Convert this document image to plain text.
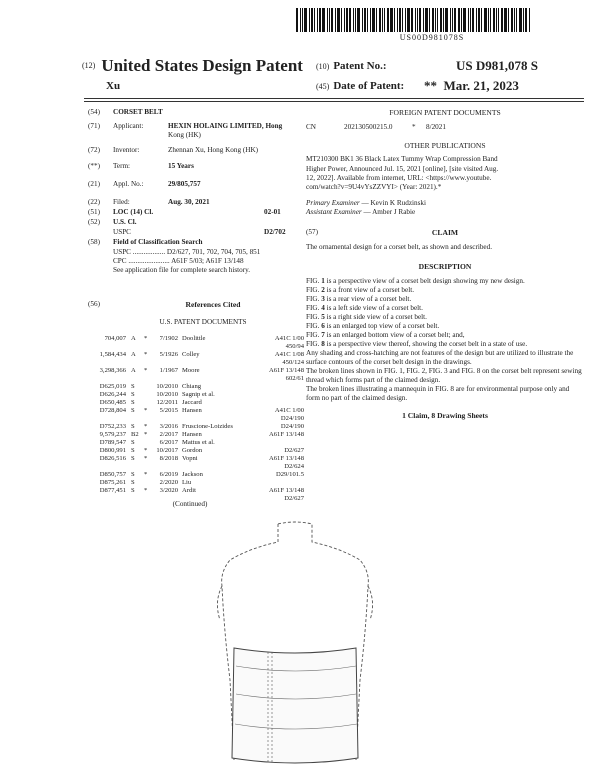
US00D981078S
$^{(12)}$ United States Design Patent
Xu
(10) Patent No.:	US D981,078 S
(45) Date of Patent: ** Mar. 21, 2023
(54) CORSET BELT
(71) Applicant:	HEXIN HOLAING LIMITED, Hong
Kong (HK)
(72) Inventor:	Zhennan Xu, Hong Kong (HK)
(**) Term:	15 Years
(21) Appl. No.:	29/805,757
(22) Filed:	Aug. 30, 2021
(51) LOC (14) Cl.	02-01
(52) U.S. Cl.
USPC	D2/702
(58) Field of Classification Search
USPC .................. D2/627, 701, 702, 704, 705, 851
CPC ....................... A61F 5/03; A61F 13/148
See application file for complete search history.
(56)	References Cited
U.S. PATENT DOCUMENTS
704,007 A	*	7/1902 Doolittle	A41C 1/00
450/94
1,584,434 A	*	5/1926 Colley	A41C 1/08
450/124
3,298,366 A	*	1/1967 Moore	A61F 13/148
602/61
D625,019 S	10/2010 Chiang
D626,244 S	10/2010 Sagnip et al.
D650,485 S	12/2011 Jaccard
D728,804 S	*	5/2015 Hansen	A41C 1/00
D24/190
D752,233 S	*	3/2016 Fruscione-Loizides	D24/190
9,579,237 B2 *	2/2017 Hansen	A61F 13/148
D789,547 S	6/2017 Mattus et al.
D800,991 S	*	10/2017 Gordon	D2/627
D826,516 S	*	8/2018 Vopni	A61F 13/148
D2/624
D850,757 S	*	6/2019 Jackson	D29/101.5
D875,261 S	2/2020 Liu
D877,451 S	*	3/2020 Ardit	A61F 13/148
D2/627
(Continued)
FOREIGN PATENT DOCUMENTS
CN	202130500215.0	* 8/2021
OTHER PUBLICATIONS
MT210300 BK1 36 Black Latex Tummy Wrap Compression Band
Higher Power, Announced Jul. 15, 2021 [online], [site visited Aug.
12, 2022]. Available from internet, URL: <https://www.youtube.
com/watch?v=9U4vYsZZVYI> (Year: 2021).*
Primary Examiner — Kevin K Rudzinski
Assistant Examiner — Amber J Rabie
(57)	CLAIM
The ornamental design for a corset belt, as shown and described.
DESCRIPTION
FIG. 1 is a perspective view of a corset belt design showing my new design.
FIG. 2 is a front view of a corset belt.
FIG. 3 is a rear view of a corset belt.
FIG. 4 is a left side view of a corset belt.
FIG. 5 is a right side view of a corset belt.
FIG. 6 is an enlarged top view of a corset belt.
FIG. 7 is an enlarged bottom view of a corset belt; and,
FIG. 8 is a perspective view thereof, showing the corset belt in a state of use.
Any shading and cross-hatching are not features of the design but are utilized to illustrate the surface contours of the corset belt design in the drawings.
The broken lines shown in FIG. 1, FIG. 2, FIG. 3 and FIG. 8 on the corset belt represent sewing thread which forms part of the claimed design.
The broken lines illustrating a mannequin in FIG. 8 are for environmental purpose only and form no part of the claimed design.
1 Claim, 8 Drawing Sheets
